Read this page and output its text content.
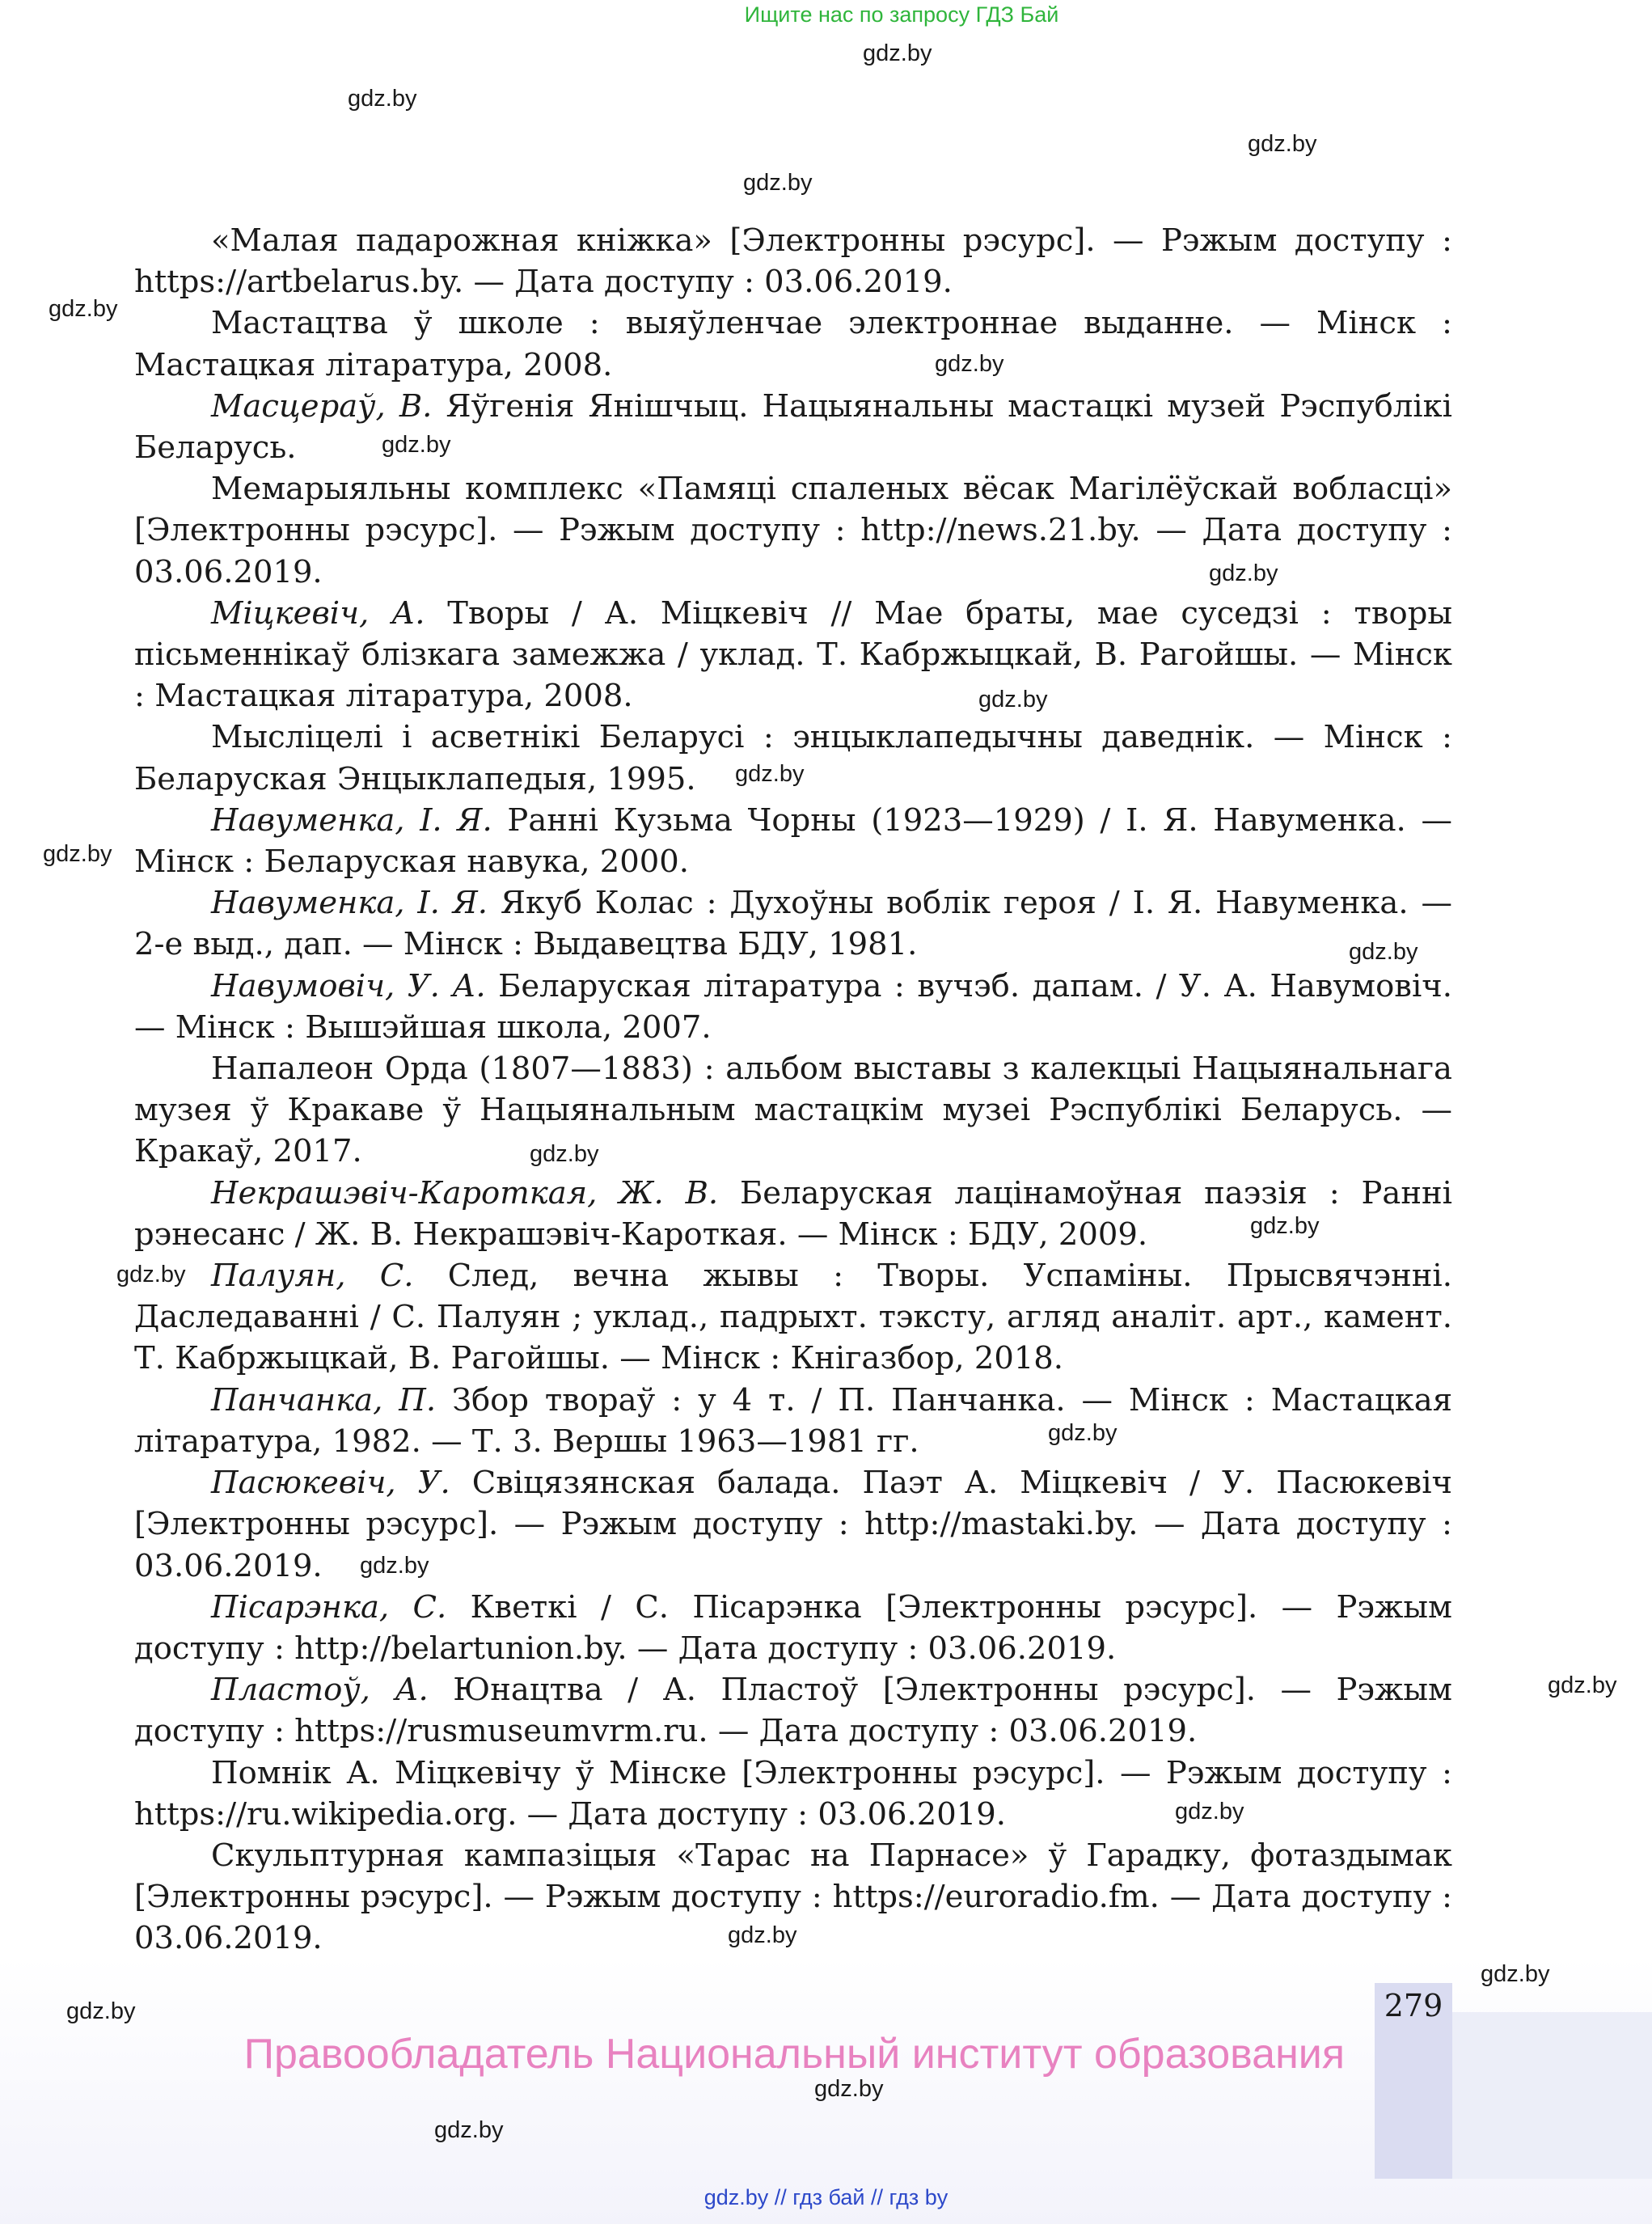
Ищите нас по запросу ГДЗ Бай
gdz.by
gdz.by
gdz.by
gdz.by
gdz.by
gdz.by
gdz.by
gdz.by
gdz.by
gdz.by
gdz.by
gdz.by
gdz.by
gdz.by
gdz.by
gdz.by
gdz.by
gdz.by
gdz.by
gdz.by
gdz.by
gdz.by
gdz.by
gdz.by

«Малая падарожная кніжка» [Электронны рэсурс]. — Рэжым доступу : https://artbelarus.by. — Дата доступу : 03.06.2019.

Мастацтва ў школе : выяўленчае электроннае выданне. — Мінск : Мастацкая літаратура, 2008.

Масцераў, В. Яўгенія Янішчыц. Нацыянальны мастацкі музей Рэспублікі Беларусь.

Мемарыяльны комплекс «Памяці спаленых вёсак Магілёўскай вобласці» [Электронны рэсурс]. — Рэжым доступу : http://news.21.by. — Дата доступу : 03.06.2019.

Міцкевіч, А. Творы / А. Міцкевіч // Мае браты, мае суседзі : творы пісьменнікаў блізкага замежжа / уклад. Т. Кабржыцкай, В. Рагойшы. — Мінск : Мастацкая літаратура, 2008.

Мысліцелі і асветнікі Беларусі : энцыклапедычны даведнік. — Мінск : Беларуская Энцыклапедыя, 1995.

Навуменка, I. Я. Ранні Кузьма Чорны (1923—1929) / I. Я. Навуменка. — Мінск : Беларуская навука, 2000.

Навуменка, I. Я. Якуб Колас : Духоўны воблік героя / I. Я. Навуменка. — 2-е выд., дап. — Мінск : Выдавецтва БДУ, 1981.

Навумовіч, У. А. Беларуская літаратура : вучэб. дапам. / У. А. Навумовіч. — Мінск : Вышэйшая школа, 2007.

Напалеон Орда (1807—1883) : альбом выставы з калекцыі Нацыянальнага музея ў Кракаве ў Нацыянальным мастацкім музеі Рэспублікі Беларусь. — Кракаў, 2017.

Некрашэвіч-Кароткая, Ж. В. Беларуская лацінамоўная паэзія : Ранні рэнесанс / Ж. В. Некрашэвіч-Кароткая. — Мінск : БДУ, 2009.

Палуян, С. След, вечна жывы : Творы. Успаміны. Прысвячэнні. Даследаванні / С. Палуян ; уклад., падрыхт. тэксту, агляд аналіт. арт., камент. Т. Кабржыцкай, В. Рагойшы. — Мінск : Кнігазбор, 2018.

Панчанка, П. Збор твораў : у 4 т. / П. Панчанка. — Мінск : Мастацкая літаратура, 1982. — Т. 3. Вершы 1963—1981 гг.

Пасюкевіч, У. Свіцязянская балада. Паэт А. Міцкевіч / У. Пасюкевіч [Электронны рэсурс]. — Рэжым доступу : http://mastaki.by. — Дата доступу : 03.06.2019.

Пісарэнка, С. Кветкі / С. Пісарэнка [Электронны рэсурс]. — Рэжым доступу : http://belartunion.by. — Дата доступу : 03.06.2019.

Пластоў, А. Юнацтва / А. Пластоў [Электронны рэсурс]. — Рэжым доступу : https://rusmuseumvrm.ru. — Дата доступу : 03.06.2019.

Помнік А. Міцкевічу ў Мінске [Электронны рэсурс]. — Рэжым доступу : https://ru.wikipedia.org. — Дата доступу : 03.06.2019.

Скульптурная кампазіцыя «Тарас на Парнасе» ў Гарадку, фотаздымак [Электронны рэсурс]. — Рэжым доступу : https://euroradio.fm. — Дата доступу : 03.06.2019.

279
Правообладатель Национальный институт образования
gdz.by // гдз бай // гдз by
